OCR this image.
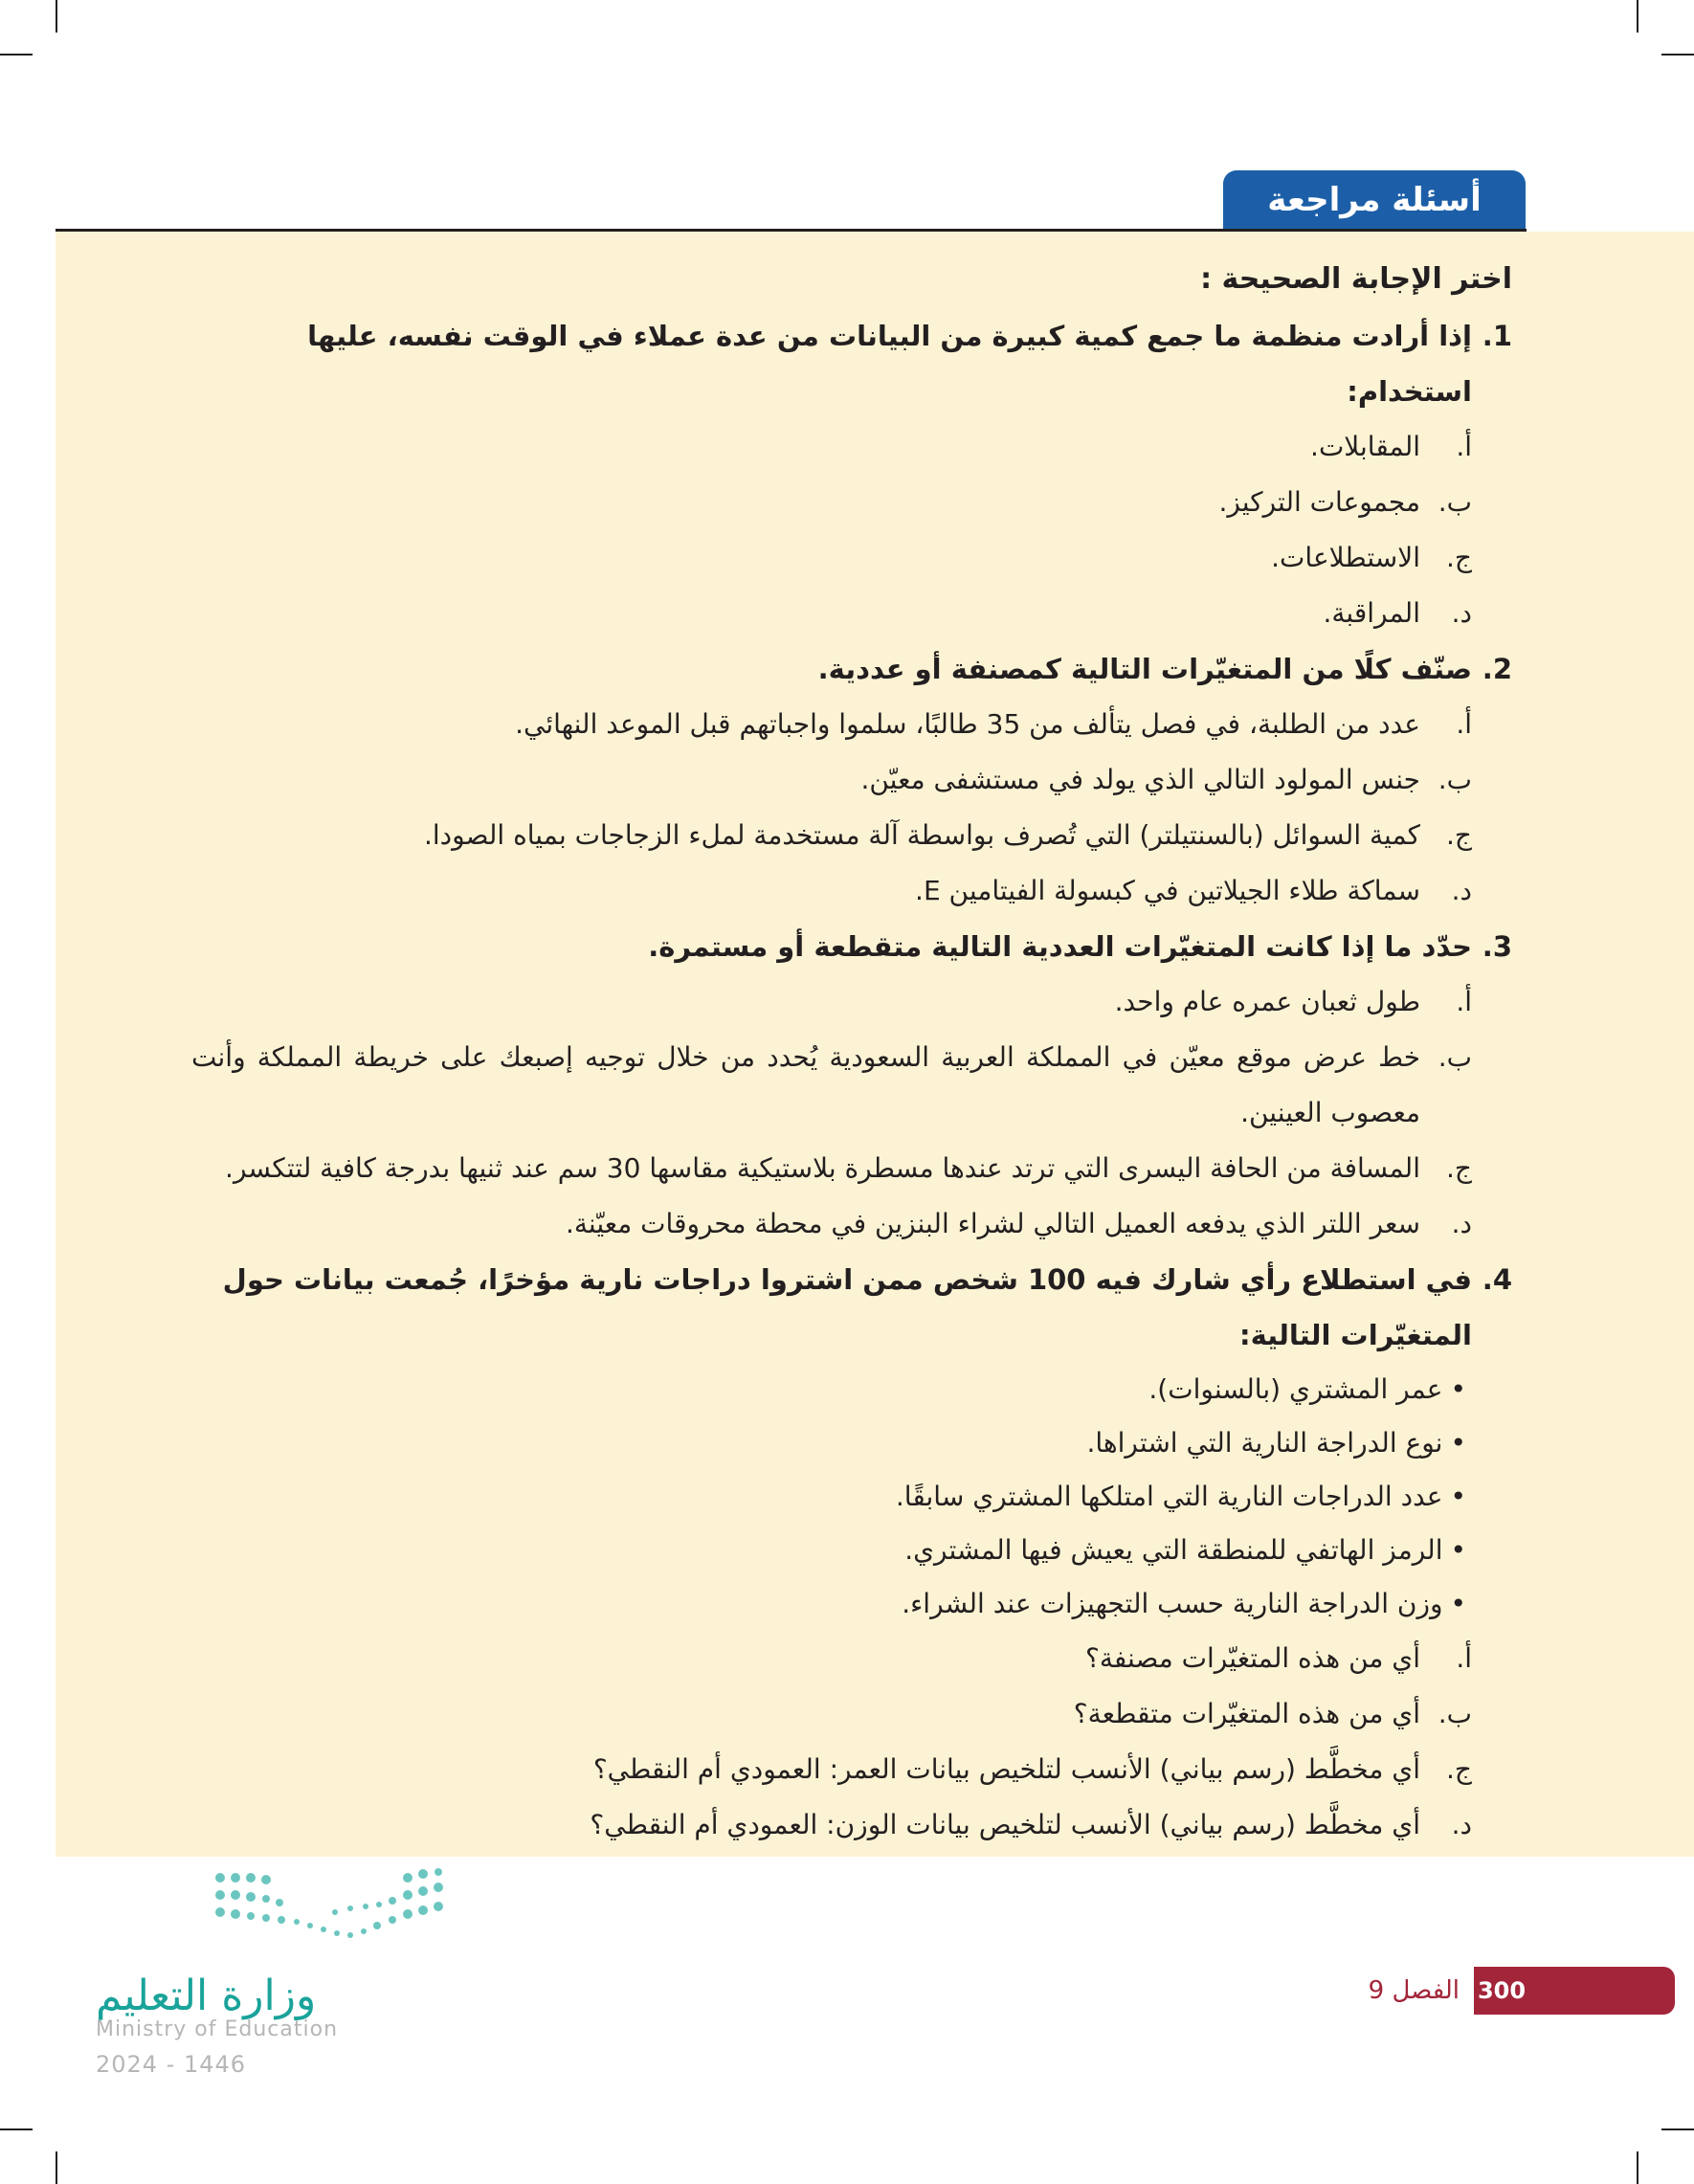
أسئلة مراجعة
اختر الإجابة الصحيحة :
1.
إذا أرادت منظمة ما جمع كمية كبيرة من البيانات من عدة عملاء في الوقت نفسه، عليها استخدام:
أ.
المقابلات.
ب.
مجموعات التركيز.
ج.
الاستطلاعات.
د.
المراقبة.
2.
صنّف كلًا من المتغيّرات التالية كمصنفة أو عددية.
أ.
عدد من الطلبة، في فصل يتألف من 35 طالبًا، سلموا واجباتهم قبل الموعد النهائي.
ب.
جنس المولود التالي الذي يولد في مستشفى معيّن.
ج.
كمية السوائل (بالسنتيلتر) التي تُصرف بواسطة آلة مستخدمة لملء الزجاجات بمياه الصودا.
د.
سماكة طلاء الجيلاتين في كبسولة الفيتامين E.
3.
حدّد ما إذا كانت المتغيّرات العددية التالية متقطعة أو مستمرة.
أ.
طول ثعبان عمره عام واحد.
ب.
خط عرض موقع معيّن في المملكة العربية السعودية يُحدد من خلال توجيه إصبعك على خريطة المملكة وأنت معصوب العينين.
ج.
المسافة من الحافة اليسرى التي ترتد عندها مسطرة بلاستيكية مقاسها 30 سم عند ثنيها بدرجة كافية لتتكسر.
د.
سعر اللتر الذي يدفعه العميل التالي لشراء البنزين في محطة محروقات معيّنة.
4.
في استطلاع رأي شارك فيه 100 شخص ممن اشتروا دراجات نارية مؤخرًا، جُمعت بيانات حول المتغيّرات التالية:
•عمر المشتري (بالسنوات).
•نوع الدراجة النارية التي اشتراها.
•عدد الدراجات النارية التي امتلكها المشتري سابقًا.
•الرمز الهاتفي للمنطقة التي يعيش فيها المشتري.
•وزن الدراجة النارية حسب التجهيزات عند الشراء.
أ.
أي من هذه المتغيّرات مصنفة؟
ب.
أي من هذه المتغيّرات متقطعة؟
ج.
أي مخطَّط (رسم بياني) الأنسب لتلخيص بيانات العمر: العمودي أم النقطي؟
د.
أي مخطَّط (رسم بياني) الأنسب لتلخيص بيانات الوزن: العمودي أم النقطي؟
300
الفصل 9
وزارة التعليم
Ministry of Education
2024 - 1446
